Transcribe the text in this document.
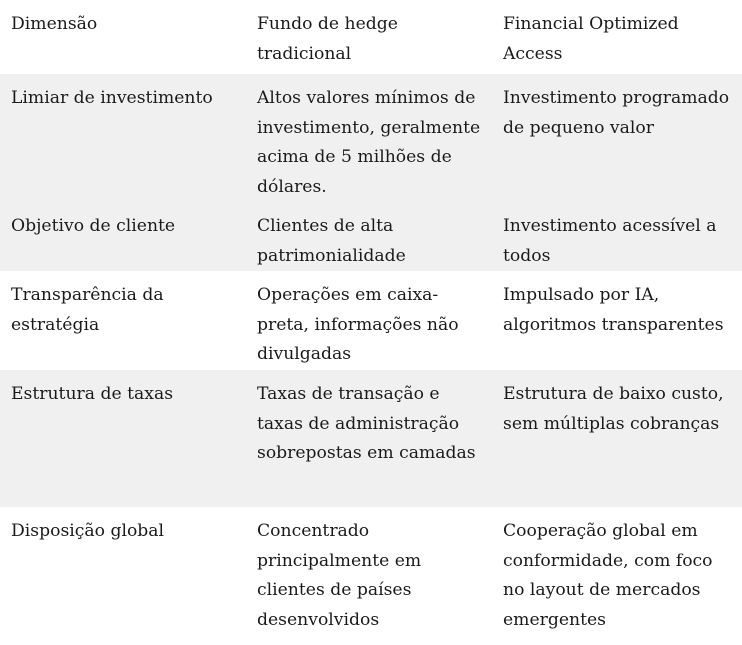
Dimensão	Fundo de hedge tradicional	Financial Optimized Access
Limiar de investimento	Altos valores mínimos de investimento, geralmente acima de 5 milhões de dólares.	Investimento programado de pequeno valor
Objetivo de cliente	Clientes de alta patrimonialidade	Investimento acessível a todos
Transparência da estratégia	Operações em caixa-preta, informações não divulgadas	Impulsado por IA, algoritmos transparentes
Estrutura de taxas	Taxas de transação e taxas de administração sobrepostas em camadas	Estrutura de baixo custo, sem múltiplas cobranças
Disposição global	Concentrado principalmente em clientes de países desenvolvidos	Cooperação global em conformidade, com foco no layout de mercados emergentes
